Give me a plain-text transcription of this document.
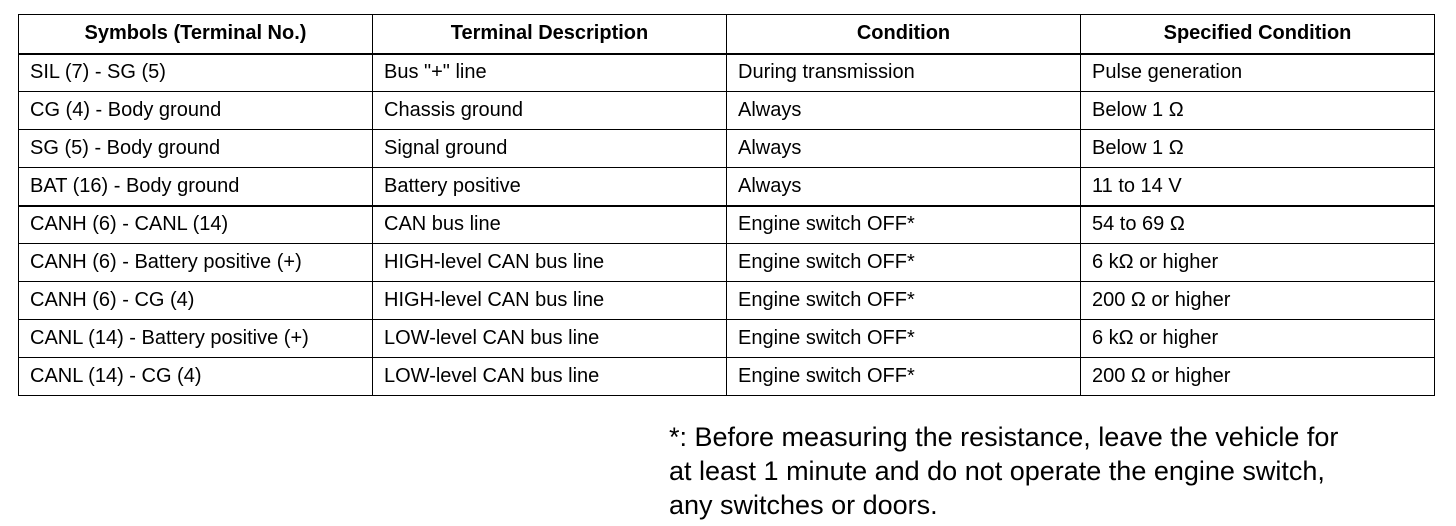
Symbols (Terminal No.)	Terminal Description	Condition	Specified Condition
SIL (7) - SG (5)	Bus "+" line	During transmission	Pulse generation
CG (4) - Body ground	Chassis ground	Always	Below 1 Ω
SG (5) - Body ground	Signal ground	Always	Below 1 Ω
BAT (16) - Body ground	Battery positive	Always	11 to 14 V
CANH (6) - CANL (14)	CAN bus line	Engine switch OFF*	54 to 69 Ω
CANH (6) - Battery positive (+)	HIGH-level CAN bus line	Engine switch OFF*	6 kΩ or higher
CANH (6) - CG (4)	HIGH-level CAN bus line	Engine switch OFF*	200 Ω or higher
CANL (14) - Battery positive (+)	LOW-level CAN bus line	Engine switch OFF*	6 kΩ or higher
CANL (14) - CG (4)	LOW-level CAN bus line	Engine switch OFF*	200 Ω or higher

*: Before measuring the resistance, leave the vehicle for
at least 1 minute and do not operate the engine switch,
any switches or doors.
